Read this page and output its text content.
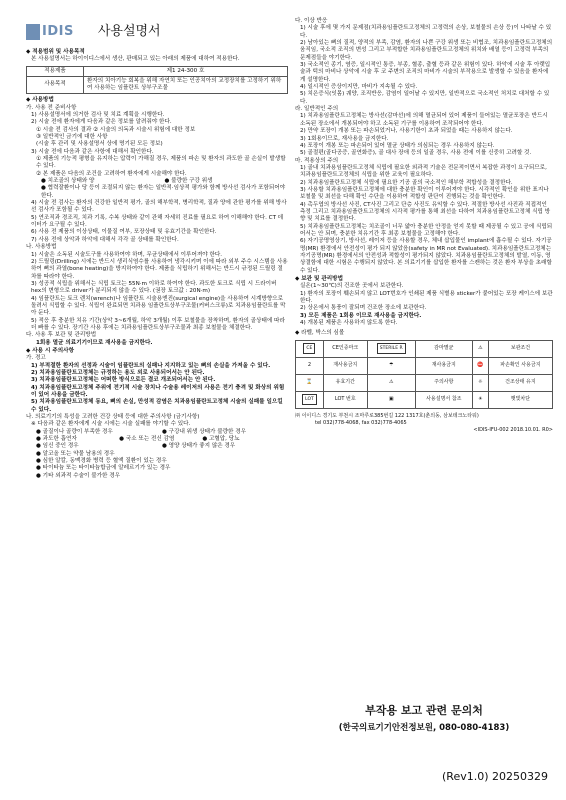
IDIS 사용설명서

◆ 적용범위 및 사용목적

본 사용설명서는 하이이디스에서 생산, 판매되고 있는 아래의 제품에 대하여 적용한다.

적용제품	제1 24-300 호
사용목적	환자의 치아기능 회복을 위해 자연치 또는 인공치아의 교정장치를 고정하기 위하여 사용하는 임플란트 상부구조물

◆ 사용방법

가. 사용 전 준비사항

1) 사용설명서에 의거한 검사 및 치료 계획을 시행한다.

2) 시술 전에 환자에게 다음과 같은 정보를 알려줘야 한다.

① 시술 전 검사의 결과 ② 시술의 의독과 시술시 위험에 대한 정보

③ 일반적인 금기에 대한 사항

(시술 후 관리 및 사용설명서 상에 명기된 모든 정보)

3) 시술 전에 다음과 같은 사항에 대해서 확인한다.

① 제품의 기능적 평형을 유지하는 압력이 가해질 경우, 제품의 파손 및 환자의 과도한 골 손실이 발생할 수 있다.

② 본 제품은 다음의 조건을 고려하여 환자에게 시술해야 한다.

● 치조골의 상태와 양	● 불량한 구강 위생
● 협력잘환이나 당 등이 조절되지 않는 환자는 일반적·임상적 평가와 함께 방사선 검사가 포함되어야 한다.

4) 시술 전 검사는 환자의 건강한 일반적 평가, 골의 해부학적, 병리학적, 질과 양에 관한 평가를 위해 방사선 검사가 포함될 수 있다.

5) 연조직과 경조직, 치과 기록, 수복 상태와 같이 관해 자세히 진료를 필요로 하여 이해해야 한다. CT 데이터가 요구될 수 있다.

6) 사용 전 제품의 이상상태, 이물질 여부, 포장상태 및 유효기간을 확인한다.

7) 사용 전에 상악과 하악에 대해서 각각 골 상태를 확인한다.

나. 사용방법

1) 시술은 소독된 시술도구를 사용하여야 하며, 무균상태에서 이루어져야 한다.

2) 드릴링(Drilling) 시에는 반드시 생리식염수를 사용하여 냉각시키며 이에 따라 외부 주수 시스템을 사용하여 뼈의 과열(bone heating)을 방지하여야 한다. 제품을 식립하기 위해서는 반드시 규정된 드릴링 절차를 따라야 한다.

3) 성공적 식립을 위해서는 식립 토크는 55N·m 이하로 하여야 한다. 과도한 토크로 식립 시 드라이버 hex의 변형으로 driver가 분리되지 않을 수 있다. (권장 토크값 : 20N·m)

4) 임플란트는 토크 렌치(wrench)나 임플란트 시술용엔진(surgical engine)을 사용하여 시계방향으로 돌려서 식립할 수 있다. 식립이 완료되면 치과용 임플란트상부구조물(커버스크류)로 치과용임플란트를 막아 둔다.

5) 적응 후 충분한 치유 기간(상악 3~6개월, 하악 3개월) 이후 보철물을 장착하며, 환자의 골상태에 따라 더 빠를 수 있다. 장기간 사용 후에는 치과용임플란트상부구조물과 최종 보철물을 체결한다.

다. 사용 후 보관 및 관리방법

1회용 멸균 의료기기이므로 재사용을 금지한다.

◆ 사용 시 주의사항

가. 경고

1) 부적절한 환자의 선정과 시술이 임플란트의 실패나 지지하고 있는 뼈의 손실을 가져올 수 있다.

2) 치과용임플란트고정체는 규정하는 용도 외로 사용되어서는 안 된다.

3) 치과용임플란트고정체는 어떠한 방식으로든 결코 개조되어서는 안 된다.

4) 치과용임플란트고정체 주위에 전기적 시술 장치나 수술용 레이저의 사용은 전기 충격 및 화상의 위험이 있어 사용을 금한다.

5) 치과용임플란트고정체 동요, 뼈의 손실, 만성적 감염은 치과용임플란트고정체 시술의 실패를 일으킬 수 있다.

나. 의료기기의 특성을 고려한 건강 상태 등에 대한 주의사항 (금기사항)

※ 다음과 같은 환자에게 시술 시에는 시술 실패를 야기할 수 있다.

● 골질이나 골량이 부족한 경우	● 구강내 위생 상태가 불량한 경우
● 과도한 흡연자	● 국소 또는 전신 감염	● 고혈압, 당뇨
● 임신 중인 경우	● 영양 상태가 좋지 않은 경우

● 알코올 또는 약물 남용의 경우

● 심한 알칼, 동맥경화 병력 등 혈액 질환이 있는 경우

● 타이타늄 또는 타이타늄합금에 알레르기가 있는 경우

● 기타 외과적 수술이 불가한 경우

다. 이상 반응

1) 시술 후에 몇 가지 문제점(치과용임플란트고정체의 고정력의 손상, 보철물의 손상 등)이 나타날 수 있다.

2) 남아있는 뼈의 질적, 양적의 부족, 감염, 환자의 나쁜 구강 위생 또는 비협조, 치과용임플란트고정체의 움직임, 국소적 조직의 변성 그리고 부적합한 치과용임플란트고정체의 위치와 배열 등이 고정력 부족의 문제점들을 야기한다.

3) 국소적인 종기, 염증, 일시적인 통증, 부종, 혈종, 출혈 등과 같은 위험이 있다. 하악에 시술 후 아랫입술과 턱의 마비나 상악에 시술 후 코 주변의 조직의 마비가 시술의 부작용으로 발생할 수 있음을 환자에게 설명한다.

4) 일시적인 증상이지만, 마비가 지속될 수 있다.

5) 치은증식(잇몸) 궤양, 조직반응, 감염이 일어날 수 있지만, 일반적으로 국소적인 처치로 대처할 수 있다.

라. 일반적인 주의

1) 치과용임플란트고정체는 방사선(감마선)에 의해 멸균되어 있어 제품이 들어있는 멸균포장은 반드시 소독된 장소에서 개봉되어야 하고 소독된 기구를 이용하여 조작되어야 한다.

2) 만약 포장이 개봉 또는 파손되었거나, 사용기한이 초과 되었을 때는 사용하지 않는다.

3) 1회용이므로, 재사용을 금지한다.

4) 포장이 개봉 또는 파손되어 있어 멸균 상태가 의심되는 경우 사용하지 않는다.

5) 골절편(골다공증, 골연화증), 골 대사 장애 등의 일골 경우, 사용 전에 이를 신중히 고려할 것.

마. 적용상의 주의

1) 골내 치과용임플란트고정체 식립에 필요한 외과적 기술은 전문적이면서 복잡한 과정이 요구되므로, 치과용임플란트고정체의 식립을 위한 교육이 필요하다.

2) 치과용임플란트고정체 식립에 필요한 기공 골의 국소적인 해부학 적합성을 결정한다.

3) 사용할 치과용임플란트고정체에 대한 충분한 확인이 이루어져야 한다. 시각적인 확인을 위한 표지나 보철물 및 최선을 다해 확인 수단을 이용하여 적합성 판단이 진행되는 것을 확인한다.

4) 촉두엽의 방사선 사진, CT사진 그리고 단층 사진도 유익할 수 있다. 적절한 방사선 사진과 직접적인 측정 그리고 치과용임플란트고정체의 시각적 평가를 통해 최선을 다하여 치과용임플란트고정체 식립 방향 및 치료를 결정한다.

5) 치과용임플란트고정체는 치조골이 너무 얇아 충분한 안정을 얻지 못할 때 제공될 수 있고 공에 식립되어서는 안 되며, 충분한 치유기간 후 최종 보철물을 고정해야 한다.

6) 자기공명영상기, 방사선, 레이저 등을 사용할 경우, 체내 삽입물인 implant에 흡수될 수 있다. 자기공명(MR) 환경에서 안전성이 평가 되지 않았음(safety in MR not Evaluated). 치과용임플란트고정체는 자기공명(MR) 환경에서의 안전성과 적합성이 평가되지 않았다. 치과용임플란트고정체의 발열, 이동, 영상결함에 대한 시험은 수행되지 않았다. 본 의료기기를 삽입한 환자를 스캔하는 것은 환자 부상을 초래할 수 있다.

◆ 보관 및 관리방법

실온(1~30℃)의 건조한 곳에서 보관한다.

1) 환자의 포장이 훼손되지 않고 LOT번호가 인쇄된 제품 식별용 sticker가 붙어있는 포장 케이스에 보관한다.

2) 상온에서 통풍이 잘되며 건조한 장소에 보관한다.

3) 모든 제품은 1회용 이므로 재사용을 금지한다.

4) 개봉된 제품은 사용하지 않도록 한다.

◆ 라벨, 박스의 심볼

CE	CE인증마크	STERILE R	감마멸균	⚠	보관조건
2	재사용금지	☂	재사용금지	⛔	파손확인 사용금지
⌛	유효기간	⚠	주의사항	☼	건조상태 유지
LOT	LOT 번호	▣	사용설명서 참조	☀	햇빛차단

㈜ 이이디스 경기도 부천시 조마루로385번길 122 1317호(춘의동, 삼보테크노타워)

tel 032)778-4068, fax 032)778-4065

<IDIS-IFU-002 2018.10.01. R0>

부작용 보고 관련 문의처
(한국의료기기안전정보원, 080-080-4183)
(Rev1.0) 20250329
